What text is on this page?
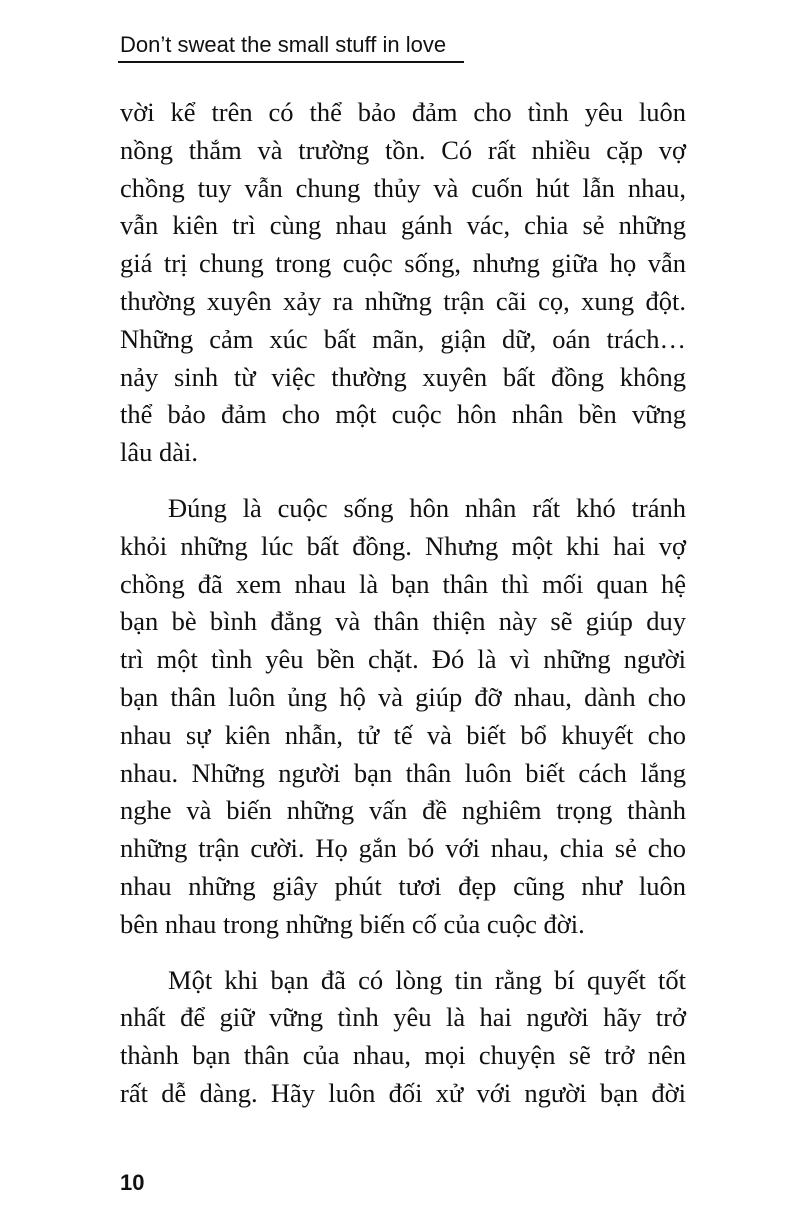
Don’t sweat the small stuff in love

vời kể trên có thể bảo đảm cho tình yêu luôn
nồng thắm và trường tồn. Có rất nhiều cặp vợ
chồng tuy vẫn chung thủy và cuốn hút lẫn nhau,
vẫn kiên trì cùng nhau gánh vác, chia sẻ những
giá trị chung trong cuộc sống, nhưng giữa họ vẫn
thường xuyên xảy ra những trận cãi cọ, xung đột.
Những cảm xúc bất mãn, giận dữ, oán trách…
nảy sinh từ việc thường xuyên bất đồng không
thể bảo đảm cho một cuộc hôn nhân bền vững
lâu dài.

Đúng là cuộc sống hôn nhân rất khó tránh
khỏi những lúc bất đồng. Nhưng một khi hai vợ
chồng đã xem nhau là bạn thân thì mối quan hệ
bạn bè bình đẳng và thân thiện này sẽ giúp duy
trì một tình yêu bền chặt. Đó là vì những người
bạn thân luôn ủng hộ và giúp đỡ nhau, dành cho
nhau sự kiên nhẫn, tử tế và biết bổ khuyết cho
nhau. Những người bạn thân luôn biết cách lắng
nghe và biến những vấn đề nghiêm trọng thành
những trận cười. Họ gắn bó với nhau, chia sẻ cho
nhau những giây phút tươi đẹp cũng như luôn
bên nhau trong những biến cố của cuộc đời.

Một khi bạn đã có lòng tin rằng bí quyết tốt
nhất để giữ vững tình yêu là hai người hãy trở
thành bạn thân của nhau, mọi chuyện sẽ trở nên
rất dễ dàng. Hãy luôn đối xử với người bạn đời

10
